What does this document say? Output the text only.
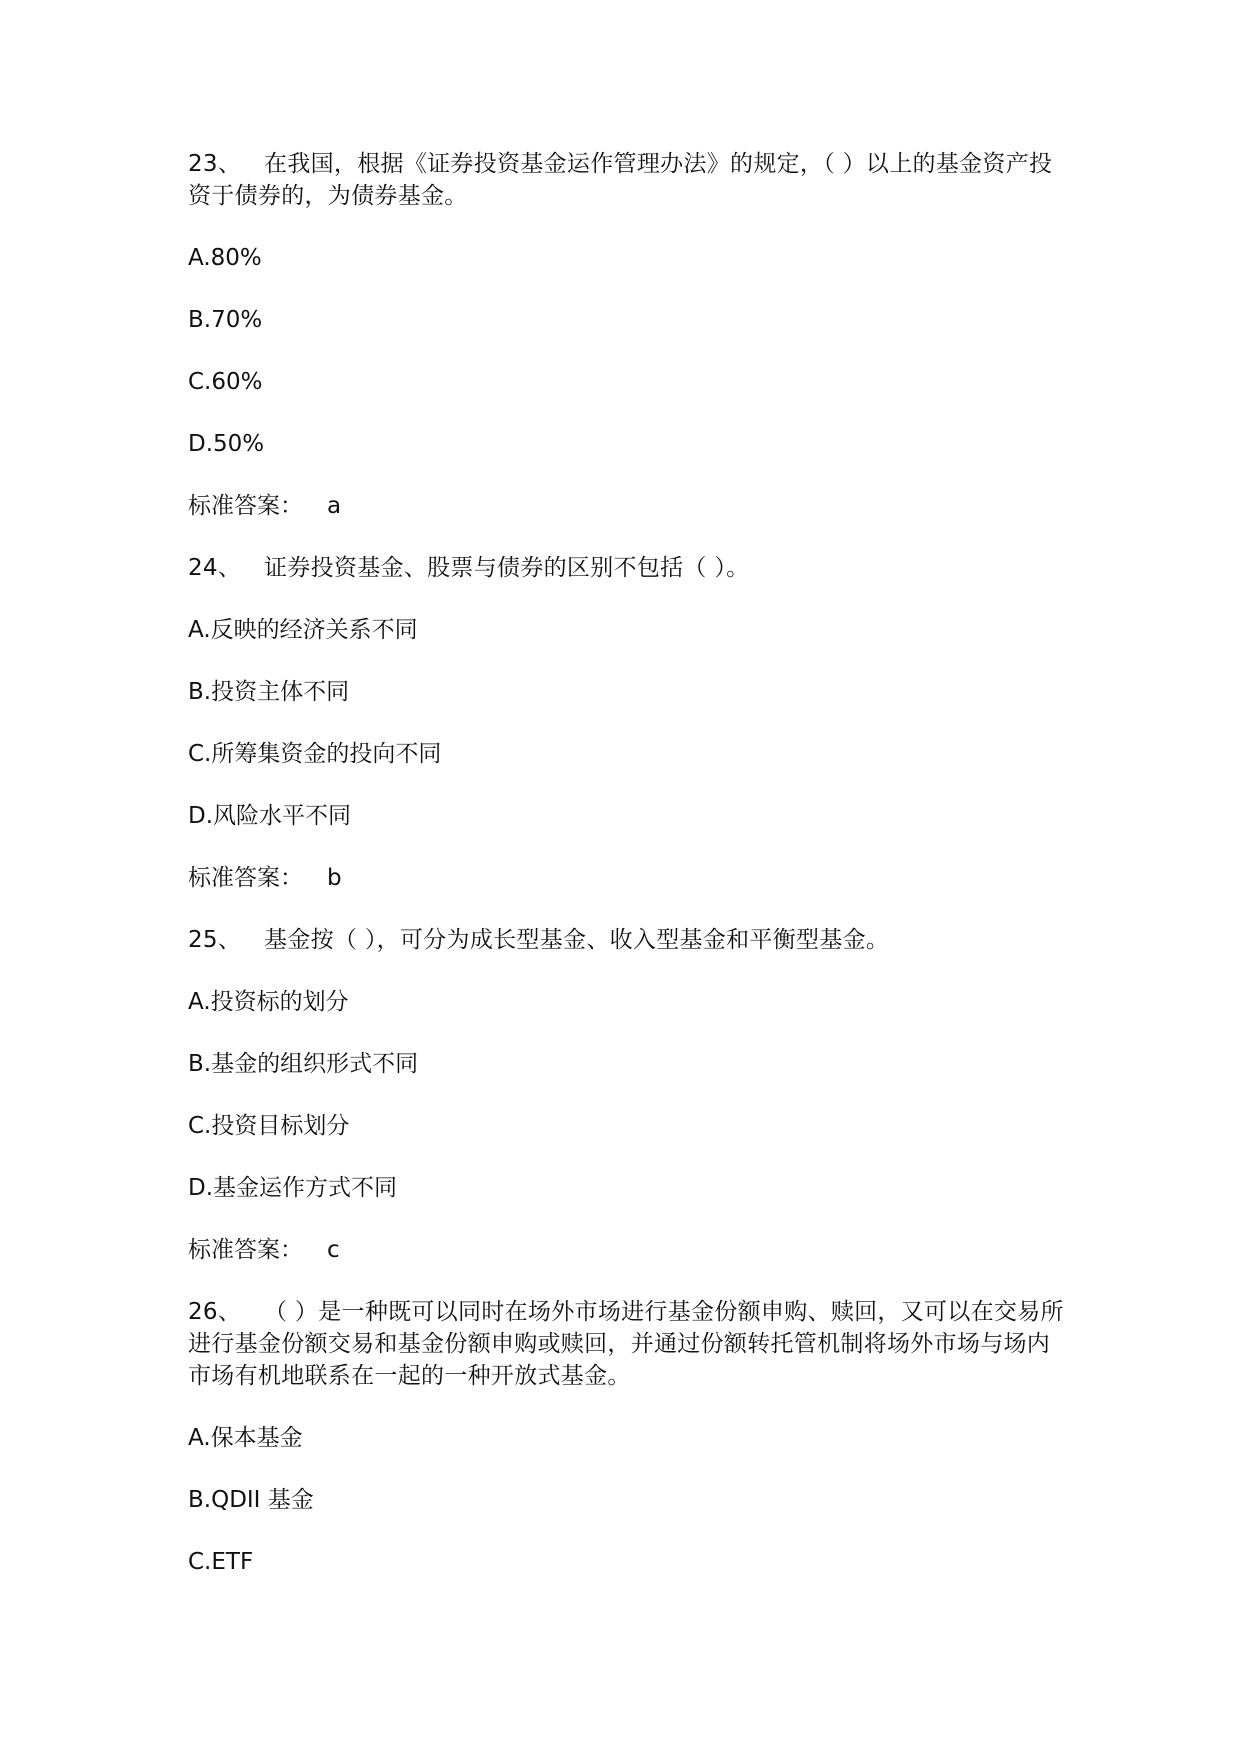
23、 在我国，根据《证券投资基金运作管理办法》的规定，（ ）以上的基金资产投资于债券的，为债券基金。

A.80%

B.70%

C.60%

D.50%

标准答案： a

24、 证券投资基金、股票与债券的区别不包括（ ）。

A.反映的经济关系不同

B.投资主体不同

C.所筹集资金的投向不同

D.风险水平不同

标准答案： b

25、 基金按（ ），可分为成长型基金、收入型基金和平衡型基金。

A.投资标的划分

B.基金的组织形式不同

C.投资目标划分

D.基金运作方式不同

标准答案： c

26、 （ ）是一种既可以同时在场外市场进行基金份额申购、赎回，又可以在交易所进行基金份额交易和基金份额申购或赎回，并通过份额转托管机制将场外市场与场内市场有机地联系在一起的一种开放式基金。

A.保本基金

B.QDII 基金

C.ETF
